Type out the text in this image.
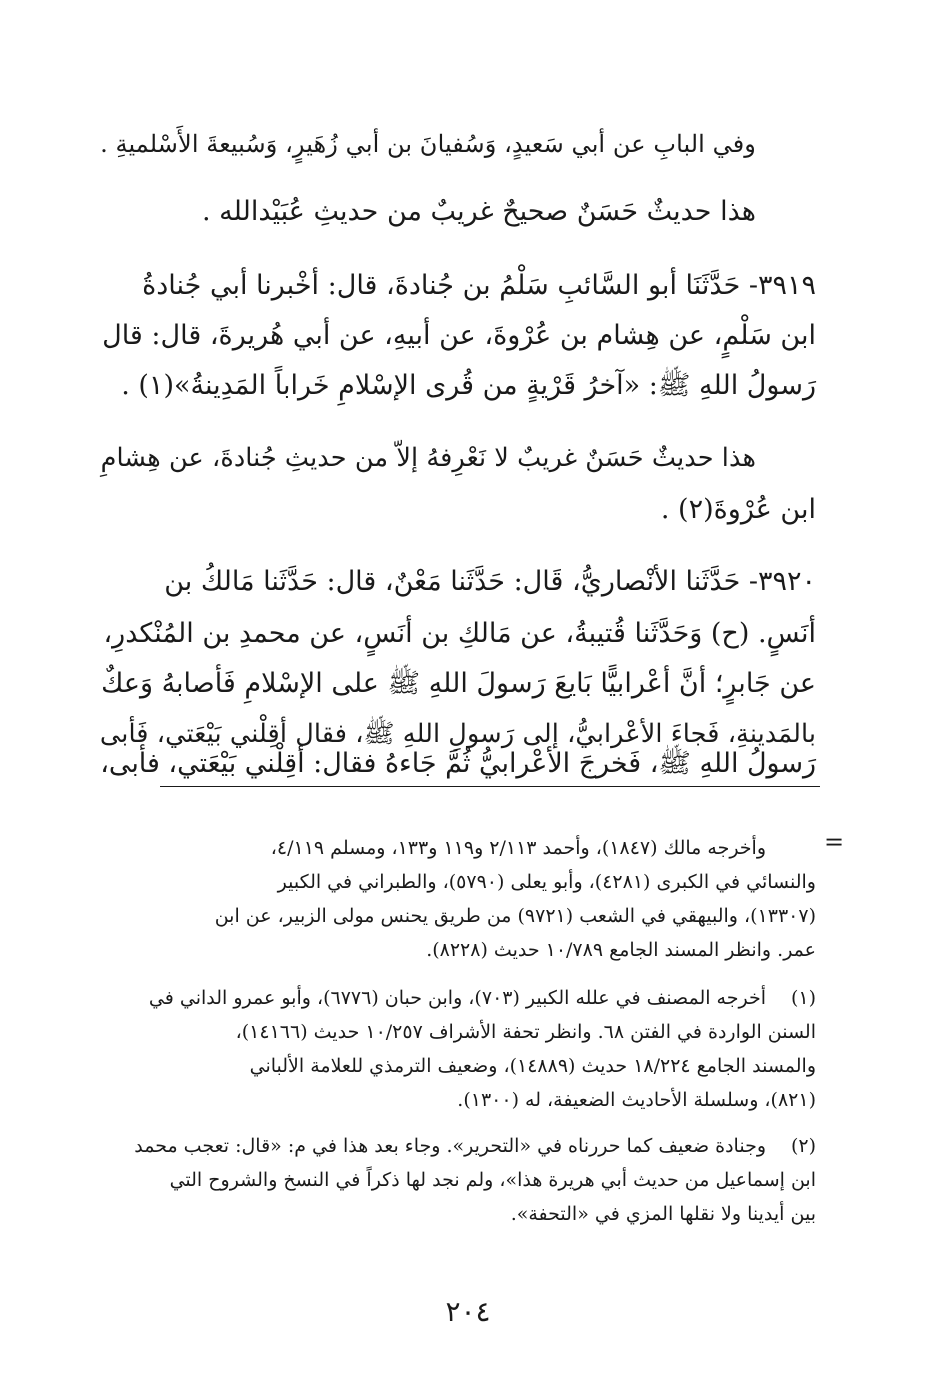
وفي البابِ عن أبي سَعيدٍ، وَسُفيانَ بن أبي زُهَيرٍ، وَسُبيعةَ الأَسْلميةِ .

هذا حديثٌ حَسَنٌ صحيحٌ غريبٌ من حديثِ عُبَيْدالله .

٣٩١٩- حَدَّثَنَا أبو السَّائبِ سَلْمُ بن جُنادةَ، قال: أخْبرنا أبي جُنادةُ

ابن سَلْمٍ، عن هِشام بن عُرْوةَ، عن أبيهِ، عن أبي هُريرةَ، قال: قال

رَسولُ اللهِ ﷺ: «آخرُ قَرْيةٍ من قُرى الإسْلامِ خَراباً المَدِينةُ»(١) .

هذا حديثٌ حَسَنٌ غريبٌ لا نَعْرِفهُ إلاّ من حديثِ جُنادةَ، عن هِشامِ

ابن عُرْوةَ(٢) .

٣٩٢٠- حَدَّثَنا الأنْصاريُّ، قَال: حَدَّثَنا مَعْنٌ، قال: حَدَّثَنا مَالكُ بن

أنَسٍ. (ح) وَحَدَّثَنا قُتيبةُ، عن مَالكِ بن أنَسٍ، عن محمدِ بن المُنْكدرِ،

عن جَابرٍ؛ أنَّ أعْرابيًّا بَايعَ رَسولَ اللهِ ﷺ على الإسْلامِ فَأصابهُ وَعكٌ

بالمَدينةِ، فَجاءَ الأعْرابيُّ، إلى رَسولِ اللهِ ﷺ، فقال أقِلْني بَيْعَتي، فَأبى

رَسولُ اللهِ ﷺ، فَخرجَ الأعْرابيُّ ثُمَّ جَاءهُ فقال: أقِلْني بَيْعَتي، فأبى،

=

وأخرجه مالك (١٨٤٧)، وأحمد ٢/١١٣ و١١٩ و١٣٣، ومسلم ٤/١١٩،

والنسائي في الكبرى (٤٢٨١)، وأبو يعلى (٥٧٩٠)، والطبراني في الكبير

(١٣٣٠٧)، والبيهقي في الشعب (٩٧٢١) من طريق يحنس مولى الزبير، عن ابن

عمر. وانظر المسند الجامع ١٠/٧٨٩ حديث (٨٢٢٨).

(١)

أخرجه المصنف في علله الكبير (٧٠٣)، وابن حبان (٦٧٧٦)، وأبو عمرو الداني في

السنن الواردة في الفتن ٦٨. وانظر تحفة الأشراف ١٠/٢٥٧ حديث (١٤١٦٦)،

والمسند الجامع ١٨/٢٢٤ حديث (١٤٨٨٩)، وضعيف الترمذي للعلامة الألباني

(٨٢١)، وسلسلة الأحاديث الضعيفة، له (١٣٠٠).

(٢)

وجنادة ضعيف كما حررناه في «التحرير». وجاء بعد هذا في م: «قال: تعجب محمد

ابن إسماعيل من حديث أبي هريرة هذا»، ولم نجد لها ذكراً في النسخ والشروح التي

بين أيدينا ولا نقلها المزي في «التحفة».

٢٠٤
